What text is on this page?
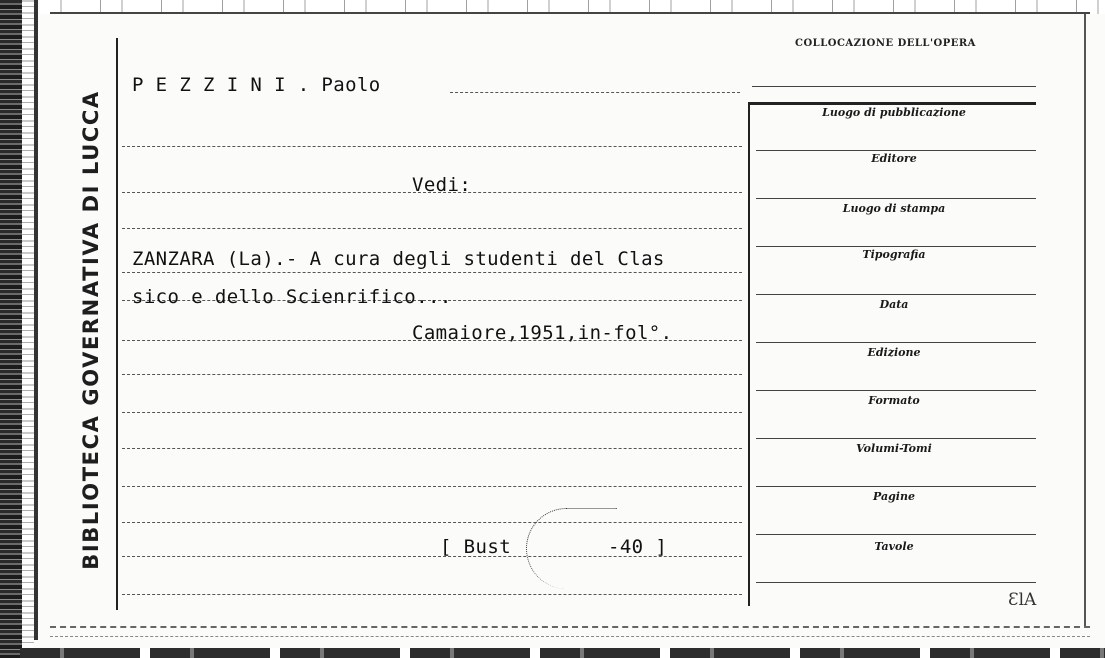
BIBLIOTECA GOVERNATIVA DI LUCCA
P E Z Z I N I . Paolo
Vedi:
ZANZARA (La).- A cura degli studenti del Clas
sico e dello Scienrifico...
Camaiore,1951,in-fol°.
[ Bust	-40 ]
COLLOCAZIONE DELL'OPERA
Luogo di pubblicazione
Editore
Luogo di stampa
Tipografia
Data
Edizione
Formato
Volumi-Tomi
Pagine
Tavole
ƐlA
